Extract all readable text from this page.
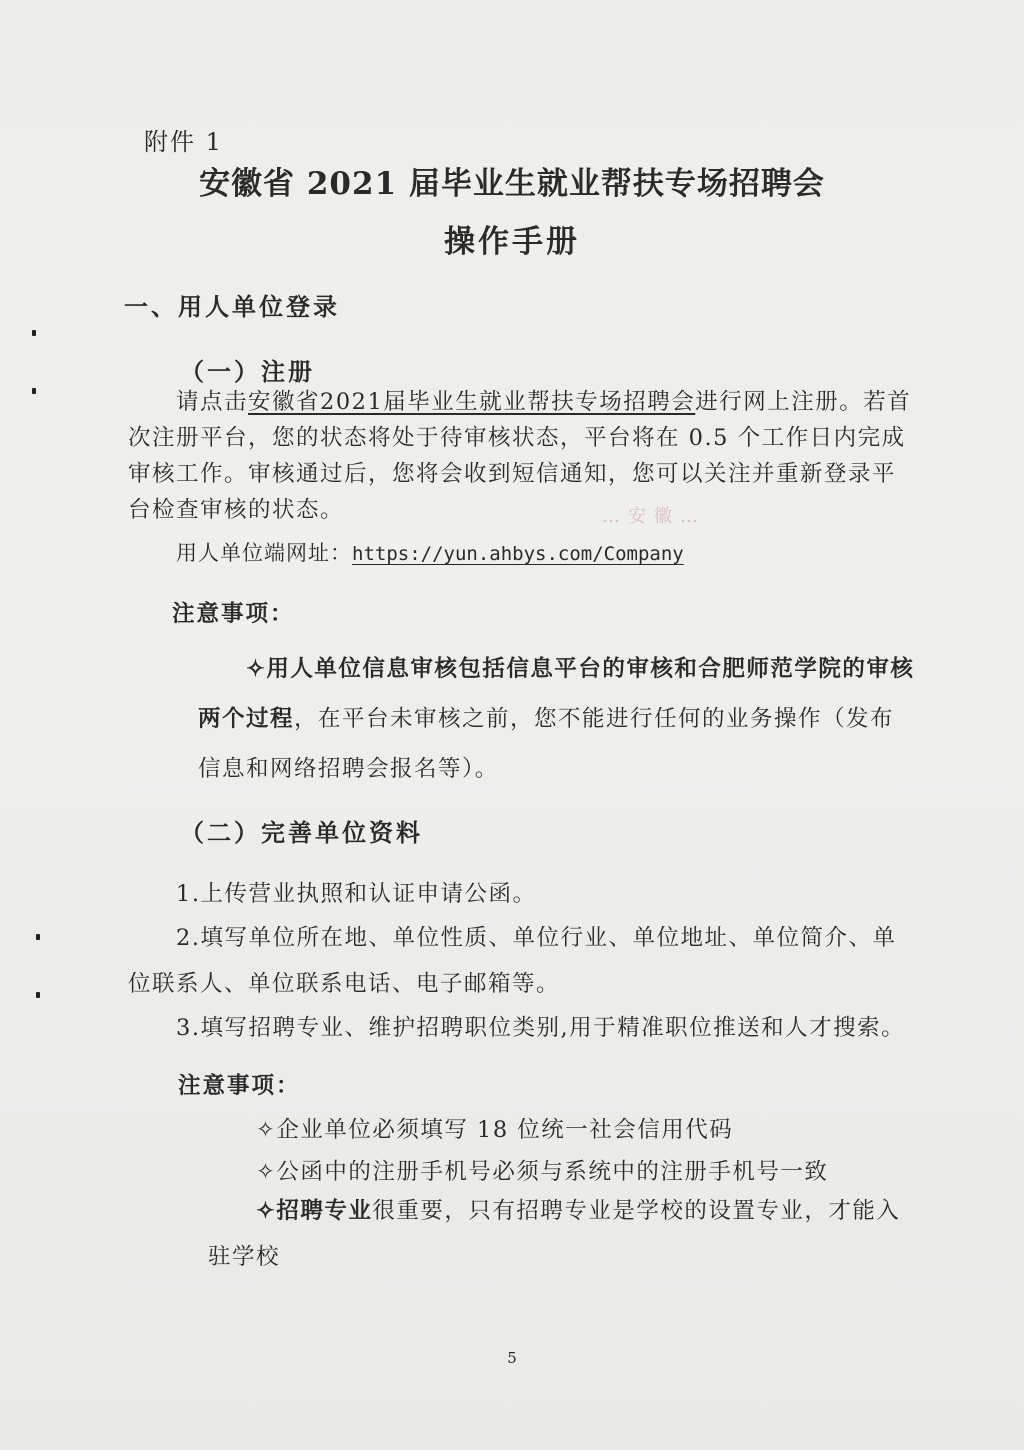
附件 1
安徽省 2021 届毕业生就业帮扶专场招聘会
操作手册
一、用人单位登录
（一）注册
请点击安徽省2021届毕业生就业帮扶专场招聘会进行网上注册。若首次注册平台，您的状态将处于待审核状态，平台将在 0.5 个工作日内完成审核工作。审核通过后，您将会收到短信通知，您可以关注并重新登录平台检查审核的状态。	…安徽…
用人单位端网址：https://yun.ahbys.com/Company
注意事项：
✧用人单位信息审核包括信息平台的审核和合肥师范学院的审核两个过程，在平台未审核之前，您不能进行任何的业务操作（发布信息和网络招聘会报名等）。
（二）完善单位资料
1.上传营业执照和认证申请公函。
2.填写单位所在地、单位性质、单位行业、单位地址、单位简介、单位联系人、单位联系电话、电子邮箱等。
3.填写招聘专业、维护招聘职位类别,用于精准职位推送和人才搜索。
注意事项：
✧企业单位必须填写 18 位统一社会信用代码
✧公函中的注册手机号必须与系统中的注册手机号一致
✧招聘专业很重要，只有招聘专业是学校的设置专业，才能入驻学校
5
